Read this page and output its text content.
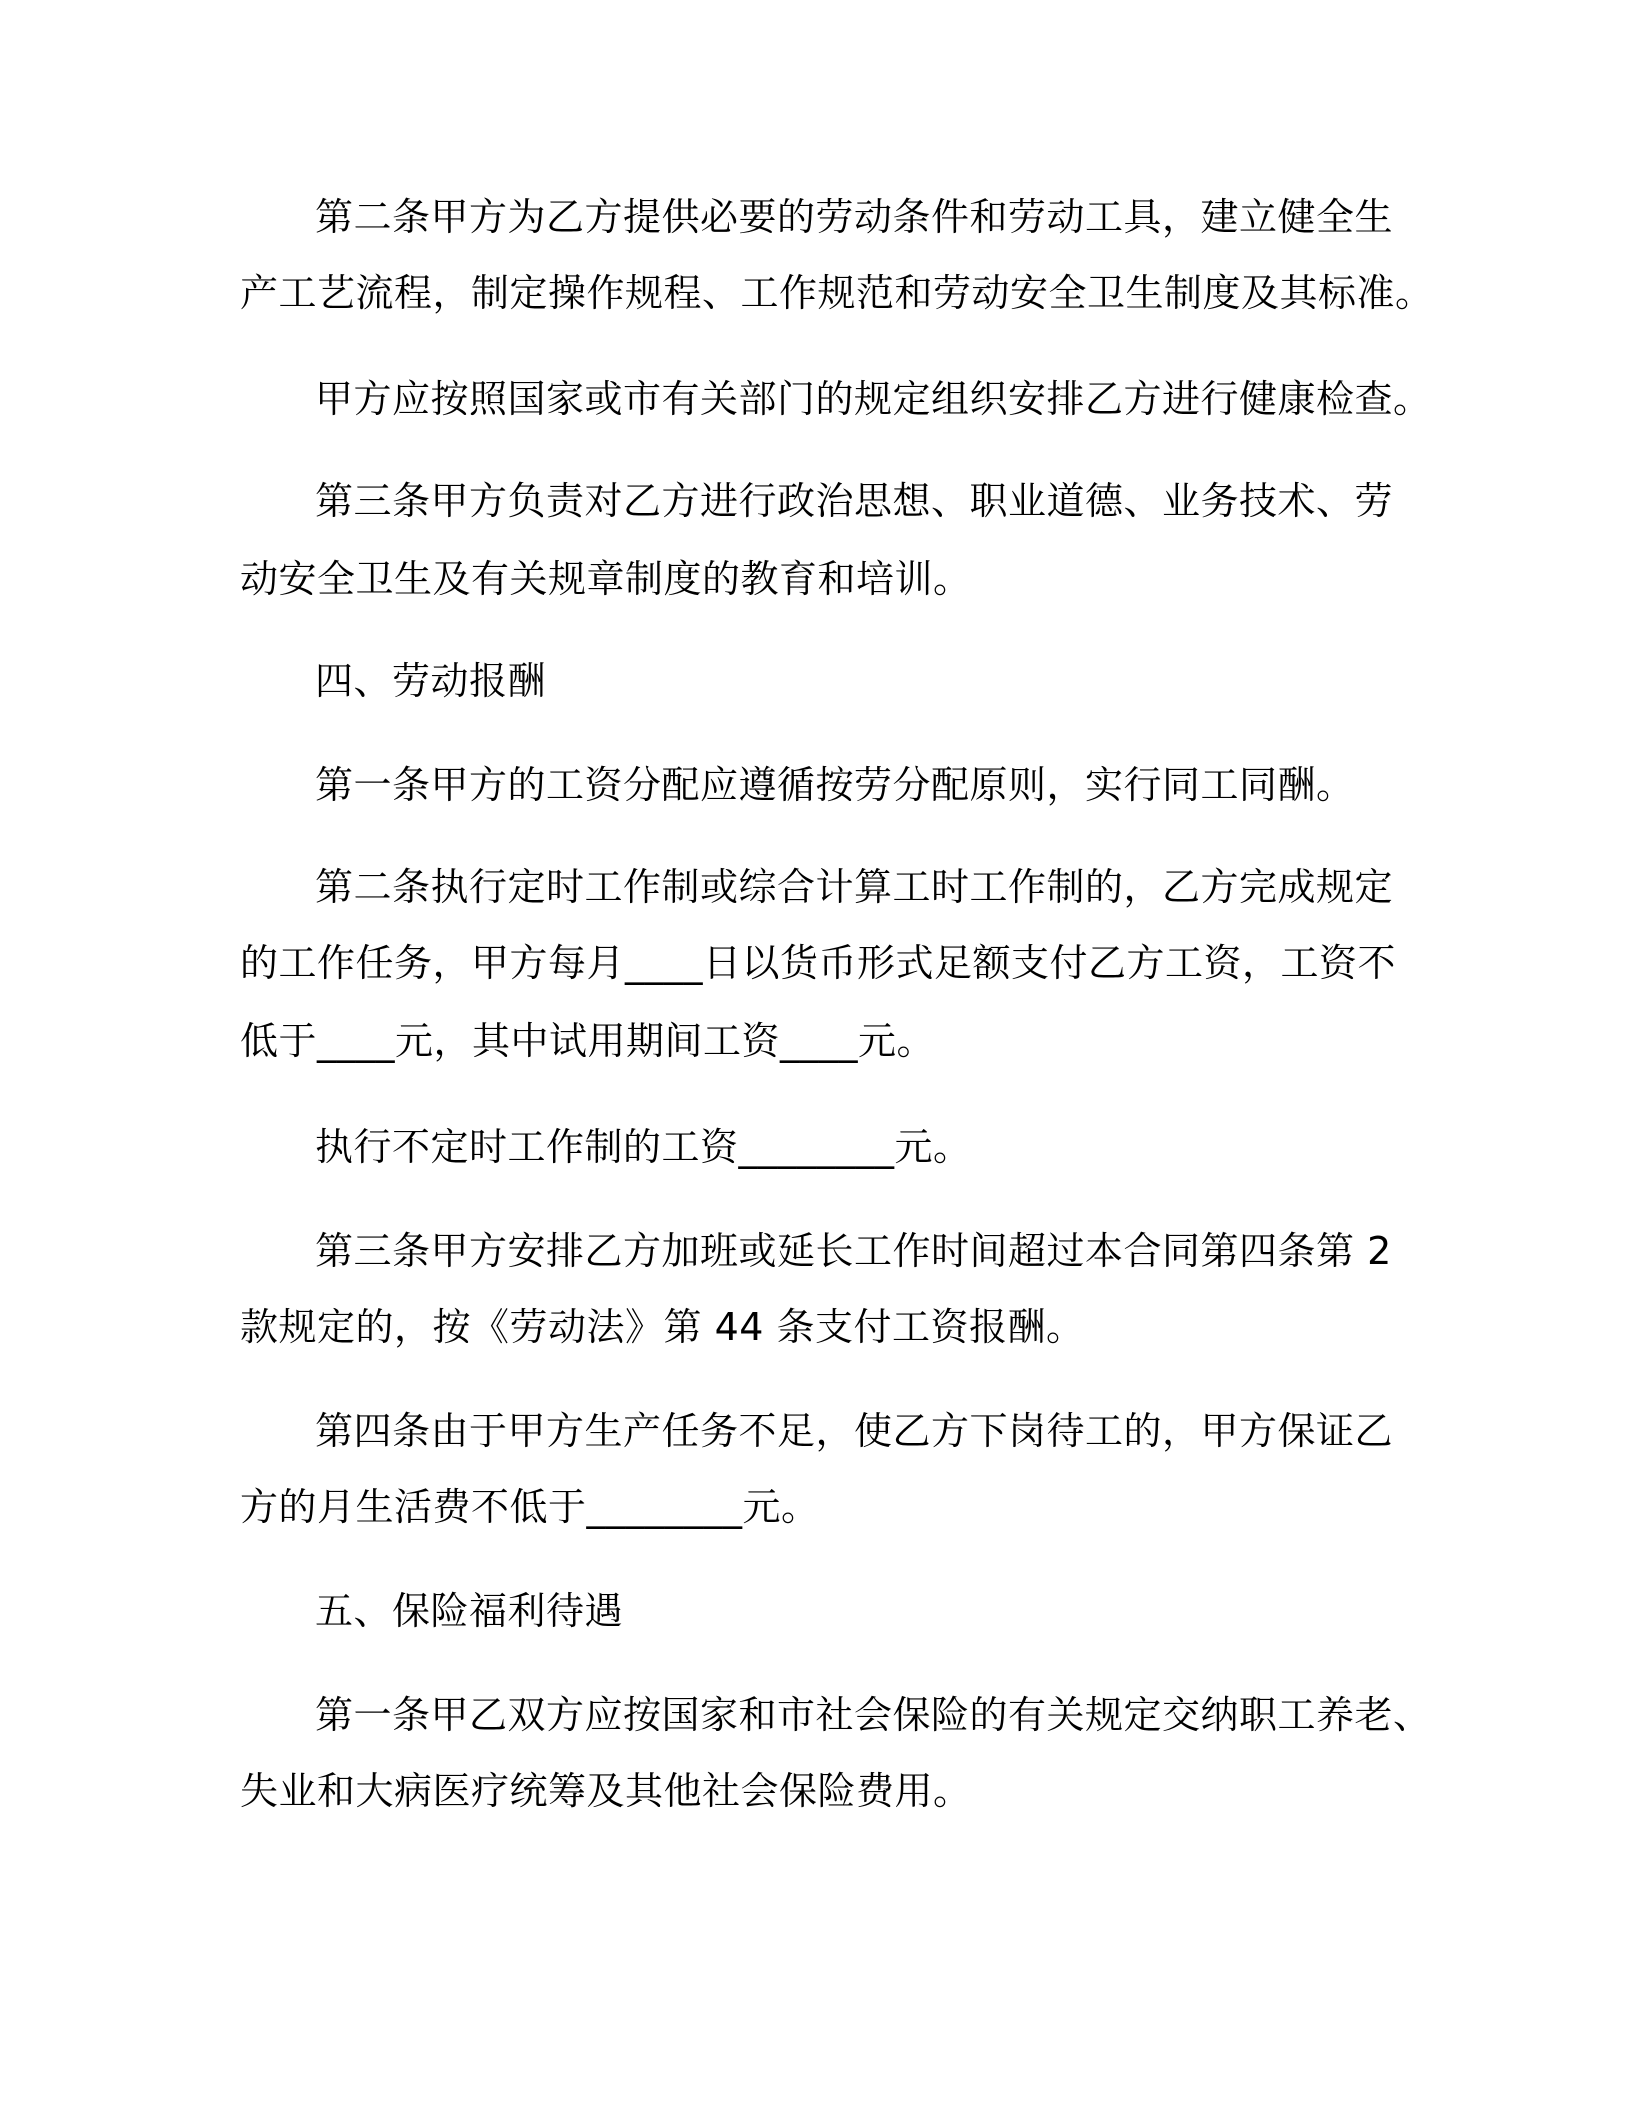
第二条甲方为乙方提供必要的劳动条件和劳动工具，建立健全生
产工艺流程，制定操作规程、工作规范和劳动安全卫生制度及其标准。
甲方应按照国家或市有关部门的规定组织安排乙方进行健康检查。
第三条甲方负责对乙方进行政治思想、职业道德、业务技术、劳
动安全卫生及有关规章制度的教育和培训。
四、劳动报酬
第一条甲方的工资分配应遵循按劳分配原则，实行同工同酬。
第二条执行定时工作制或综合计算工时工作制的，乙方完成规定
的工作任务，甲方每月____日以货币形式足额支付乙方工资，工资不
低于____元，其中试用期间工资____元。
执行不定时工作制的工资________元。
第三条甲方安排乙方加班或延长工作时间超过本合同第四条第 2
款规定的，按《劳动法》第 44 条支付工资报酬。
第四条由于甲方生产任务不足，使乙方下岗待工的，甲方保证乙
方的月生活费不低于________元。
五、保险福利待遇
第一条甲乙双方应按国家和市社会保险的有关规定交纳职工养老、
失业和大病医疗统筹及其他社会保险费用。
